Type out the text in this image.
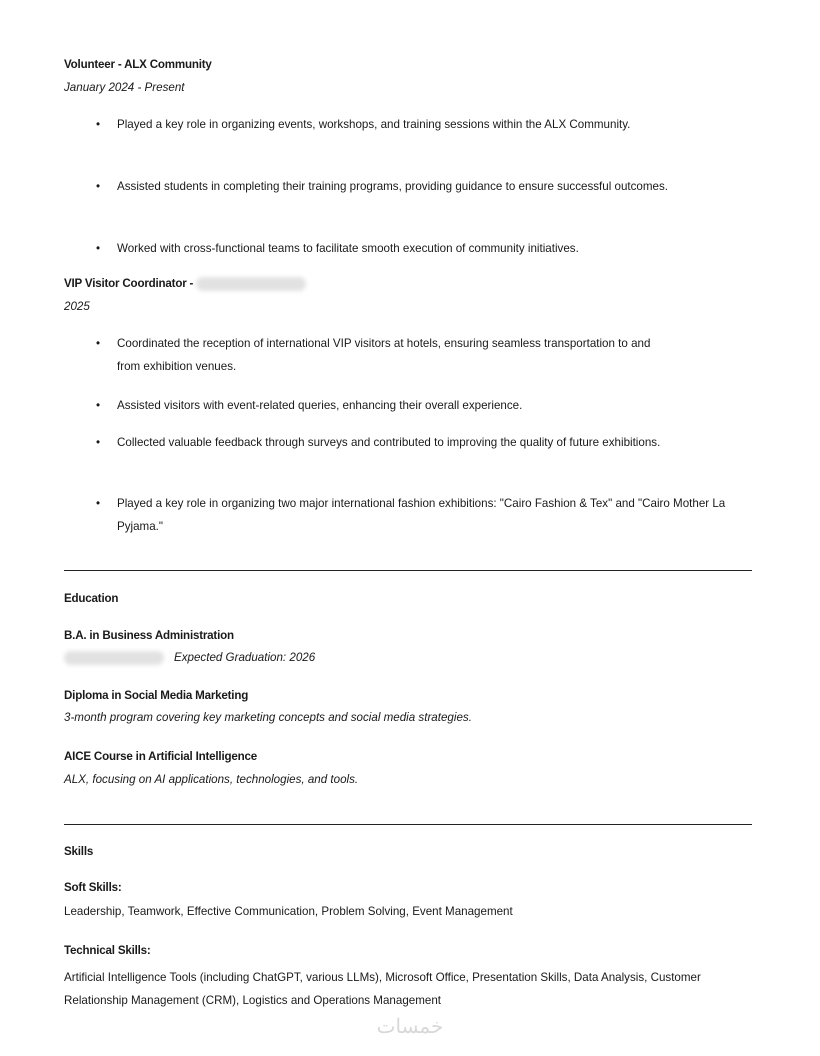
Volunteer - ALX Community
January 2024 - Present
• Played a key role in organizing events, workshops, and training sessions within the ALX Community.
• Assisted students in completing their training programs, providing guidance to ensure successful outcomes.
• Worked with cross-functional teams to facilitate smooth execution of community initiatives.
VIP Visitor Coordinator -
2025
• Coordinated the reception of international VIP visitors at hotels, ensuring seamless transportation to and from exhibition venues.
• Assisted visitors with event-related queries, enhancing their overall experience.
• Collected valuable feedback through surveys and contributed to improving the quality of future exhibitions.
• Played a key role in organizing two major international fashion exhibitions: "Cairo Fashion & Tex" and "Cairo Mother La Pyjama."
Education
B.A. in Business Administration
Expected Graduation: 2026
Diploma in Social Media Marketing
3-month program covering key marketing concepts and social media strategies.
AICE Course in Artificial Intelligence
ALX, focusing on AI applications, technologies, and tools.
Skills
Soft Skills:
Leadership, Teamwork, Effective Communication, Problem Solving, Event Management
Technical Skills:
Artificial Intelligence Tools (including ChatGPT, various LLMs), Microsoft Office, Presentation Skills, Data Analysis, Customer Relationship Management (CRM), Logistics and Operations Management
خمسات
